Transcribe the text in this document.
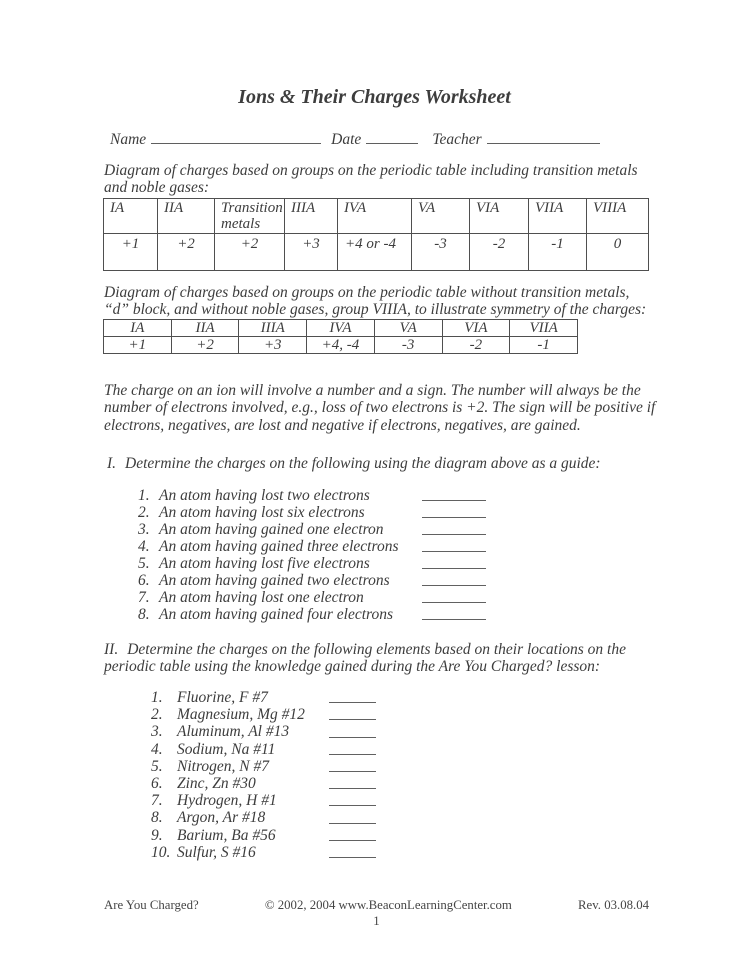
Ions & Their Charges Worksheet
Name	Date	Teacher
Diagram of charges based on groups on the periodic table including transition metals and noble gases:
IA	IIA	Transition metals	IIIA	IVA	VA	VIA	VIIA	VIIIA
+1	+2	+2	+3	+4 or -4	-3	-2	-1	0
Diagram of charges based on groups on the periodic table without transition metals, “d” block, and without noble gases, group VIIIA, to illustrate symmetry of the charges:
IA	IIA	IIIA	IVA	VA	VIA	VIIA
+1	+2	+3	+4, -4	-3	-2	-1
The charge on an ion will involve a number and a sign. The number will always be the number of electrons involved, e.g., loss of two electrons is +2. The sign will be positive if electrons, negatives, are lost and negative if electrons, negatives, are gained.
I. Determine the charges on the following using the diagram above as a guide:
1. An atom having lost two electrons
2. An atom having lost six electrons
3. An atom having gained one electron
4. An atom having gained three electrons
5. An atom having lost five electrons
6. An atom having gained two electrons
7. An atom having lost one electron
8. An atom having gained four electrons
II. Determine the charges on the following elements based on their locations on the periodic table using the knowledge gained during the Are You Charged? lesson:
1. Fluorine, F #7
2. Magnesium, Mg #12
3. Aluminum, Al #13
4. Sodium, Na #11
5. Nitrogen, N #7
6. Zinc, Zn #30
7. Hydrogen, H #1
8. Argon, Ar #18
9. Barium, Ba #56
10. Sulfur, S #16
Are You Charged?	© 2002, 2004 www.BeaconLearningCenter.com	Rev. 03.08.04
1
